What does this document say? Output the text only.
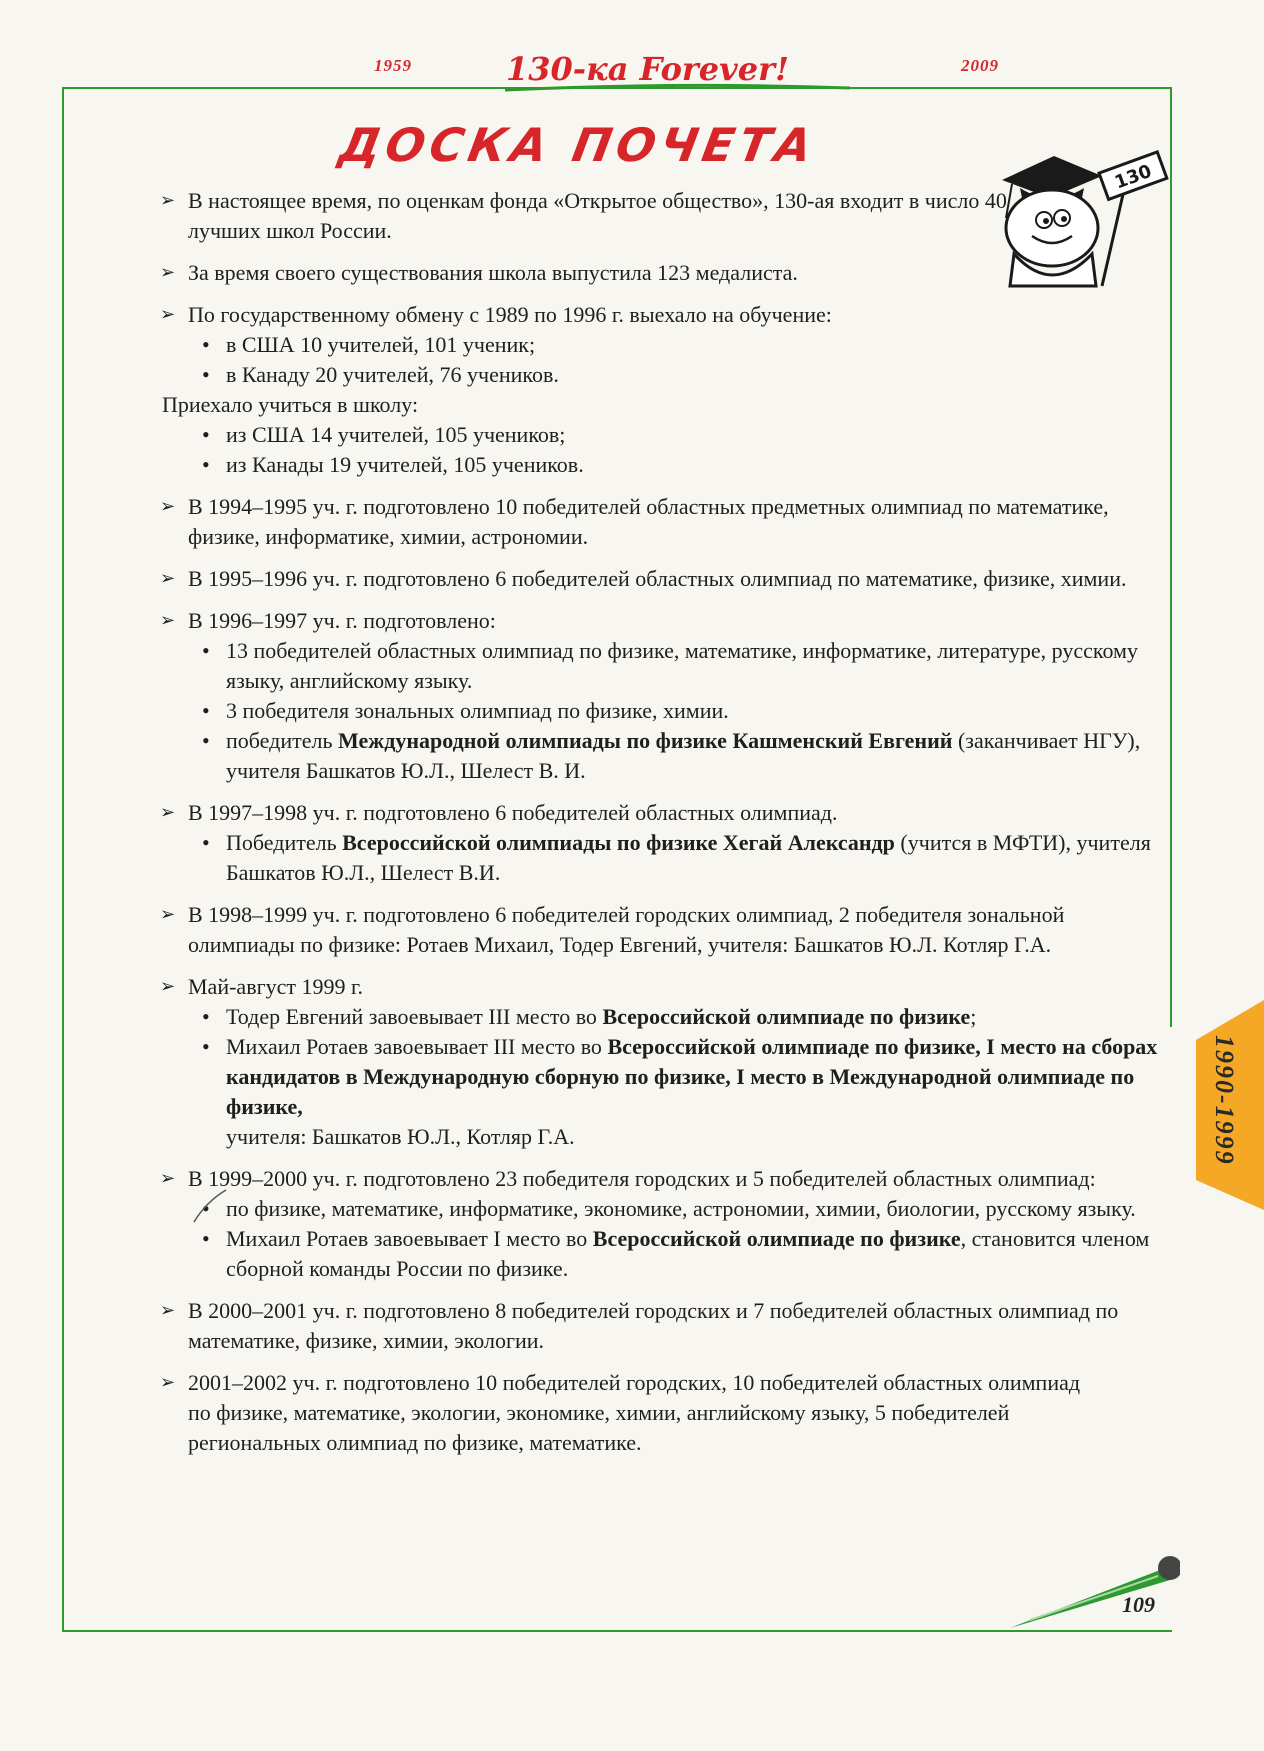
1959	2009
130-ка Forever!
ДОСКА ПОЧЕТА
130
➢ В настоящее время, по оценкам фонда «Открытое общество», 130-ая входит в число 40 лучших школ России.
➢ За время своего существования школа выпустила 123 медалиста.
➢ По государственному обмену с 1989 по 1996 г. выехало на обучение:
• в США 10 учителей, 101 ученик;
• в Канаду 20 учителей, 76 учеников.
Приехало учиться в школу:
• из США 14 учителей, 105 учеников;
• из Канады 19 учителей, 105 учеников.
➢ В 1994–1995 уч. г. подготовлено 10 победителей областных предметных олимпиад по математике, физике, информатике, химии, астрономии.
➢ В 1995–1996 уч. г. подготовлено 6 победителей областных олимпиад по математике, физике, химии.
➢ В 1996–1997 уч. г. подготовлено:
• 13 победителей областных олимпиад по физике, математике, информатике, литературе, русскому языку, английскому языку.
• 3 победителя зональных олимпиад по физике, химии.
• победитель Международной олимпиады по физике Кашменский Евгений (заканчивает НГУ), учителя Башкатов Ю.Л., Шелест В. И.
➢ В 1997–1998 уч. г. подготовлено 6 победителей областных олимпиад.
• Победитель Всероссийской олимпиады по физике Хегай Александр (учится в МФТИ), учителя Башкатов Ю.Л., Шелест В.И.
➢ В 1998–1999 уч. г. подготовлено 6 победителей городских олимпиад, 2 победителя зональной олимпиады по физике: Ротаев Михаил, Тодер Евгений, учителя: Башкатов Ю.Л. Котляр Г.А.
➢ Май-август 1999 г.
• Тодер Евгений завоевывает III место во Всероссийской олимпиаде по физике;
• Михаил Ротаев завоевывает III место во Всероссийской олимпиаде по физике, I место на сборах кандидатов в Международную сборную по физике, I место в Международной олимпиаде по физике,
учителя: Башкатов Ю.Л., Котляр Г.А.
➢ В 1999–2000 уч. г. подготовлено 23 победителя городских и 5 победителей областных олимпиад:
• по физике, математике, информатике, экономике, астрономии, химии, биологии, русскому языку.
• Михаил Ротаев завоевывает I место во Всероссийской олимпиаде по физике, становится членом сборной команды России по физике.
➢ В 2000–2001 уч. г. подготовлено 8 победителей городских и 7 победителей областных олимпиад по математике, физике, химии, экологии.
➢ 2001–2002 уч. г. подготовлено 10 победителей городских, 10 победителей областных олимпиад по физике, математике, экологии, экономике, химии, английскому языку, 5 победителей региональных олимпиад по физике, математике.
1990-1999
109
